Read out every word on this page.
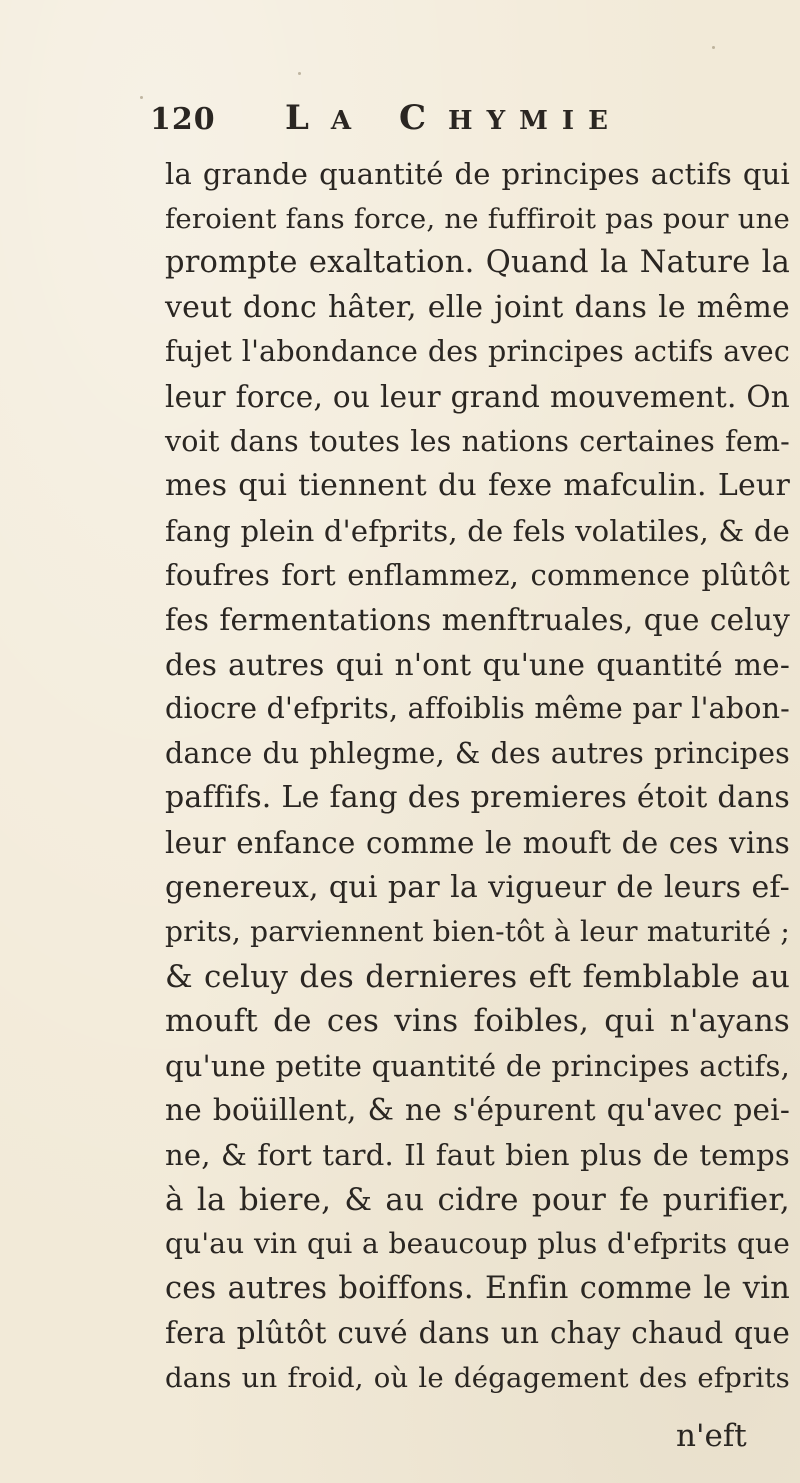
120 LA CHYMIE
la grande quantité de principes actifs qui
feroient fans force, ne fuffiroit pas pour une
prompte exaltation. Quand la Nature la
veut donc hâter, elle joint dans le même
fujet l'abondance des principes actifs avec
leur force, ou leur grand mouvement. On
voit dans toutes les nations certaines fem-
mes qui tiennent du fexe mafculin. Leur
fang plein d'efprits, de fels volatiles, & de
foufres fort enflammez, commence plûtôt
fes fermentations menftruales, que celuy
des autres qui n'ont qu'une quantité me-
diocre d'efprits, affoiblis même par l'abon-
dance du phlegme, & des autres principes
paffifs. Le fang des premieres étoit dans
leur enfance comme le mouft de ces vins
genereux, qui par la vigueur de leurs ef-
prits, parviennent bien-tôt à leur maturité ;
& celuy des dernieres eft femblable au
mouft de ces vins foibles, qui n'ayans
qu'une petite quantité de principes actifs,
ne boüillent, & ne s'épurent qu'avec pei-
ne, & fort tard. Il faut bien plus de temps
à la biere, & au cidre pour fe purifier,
qu'au vin qui a beaucoup plus d'efprits que
ces autres boiffons. Enfin comme le vin
fera plûtôt cuvé dans un chay chaud que
dans un froid, où le dégagement des efprits
n'eft
